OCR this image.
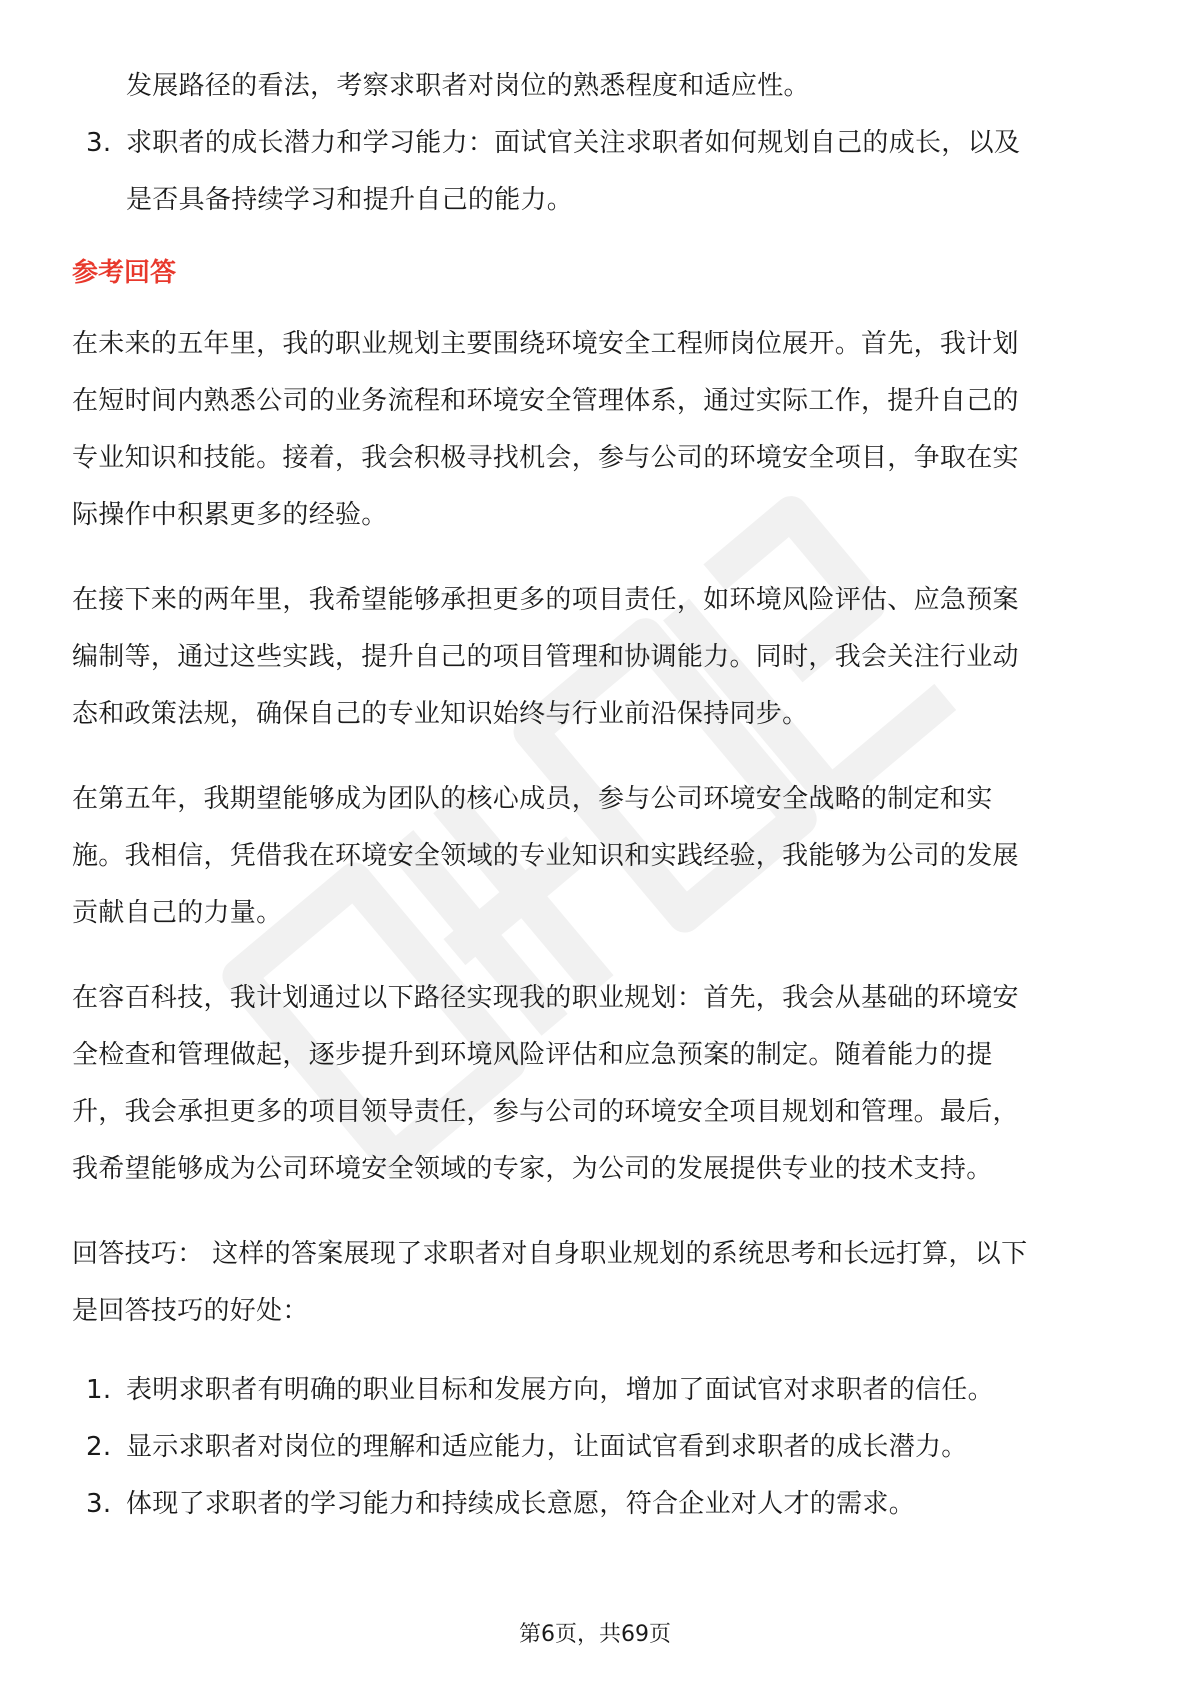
发展路径的看法，考察求职者对岗位的熟悉程度和适应性。

3. 求职者的成长潜力和学习能力：面试官关注求职者如何规划自己的成长，以及
是否具备持续学习和提升自己的能力。
参考回答
在未来的五年里，我的职业规划主要围绕环境安全工程师岗位展开。首先，我计划
在短时间内熟悉公司的业务流程和环境安全管理体系，通过实际工作，提升自己的
专业知识和技能。接着，我会积极寻找机会，参与公司的环境安全项目，争取在实
际操作中积累更多的经验。
在接下来的两年里，我希望能够承担更多的项目责任，如环境风险评估、应急预案
编制等，通过这些实践，提升自己的项目管理和协调能力。同时，我会关注行业动
态和政策法规，确保自己的专业知识始终与行业前沿保持同步。
在第五年，我期望能够成为团队的核心成员，参与公司环境安全战略的制定和实
施。我相信，凭借我在环境安全领域的专业知识和实践经验，我能够为公司的发展
贡献自己的力量。
在容百科技，我计划通过以下路径实现我的职业规划：首先，我会从基础的环境安
全检查和管理做起，逐步提升到环境风险评估和应急预案的制定。随着能力的提
升，我会承担更多的项目领导责任，参与公司的环境安全项目规划和管理。最后，
我希望能够成为公司环境安全领域的专家，为公司的发展提供专业的技术支持。
回答技巧： 这样的答案展现了求职者对自身职业规划的系统思考和长远打算，以下
是回答技巧的好处：
1. 表明求职者有明确的职业目标和发展方向，增加了面试官对求职者的信任。
2. 显示求职者对岗位的理解和适应能力，让面试官看到求职者的成长潜力。
3. 体现了求职者的学习能力和持续成长意愿，符合企业对人才的需求。
第6页，共69页
